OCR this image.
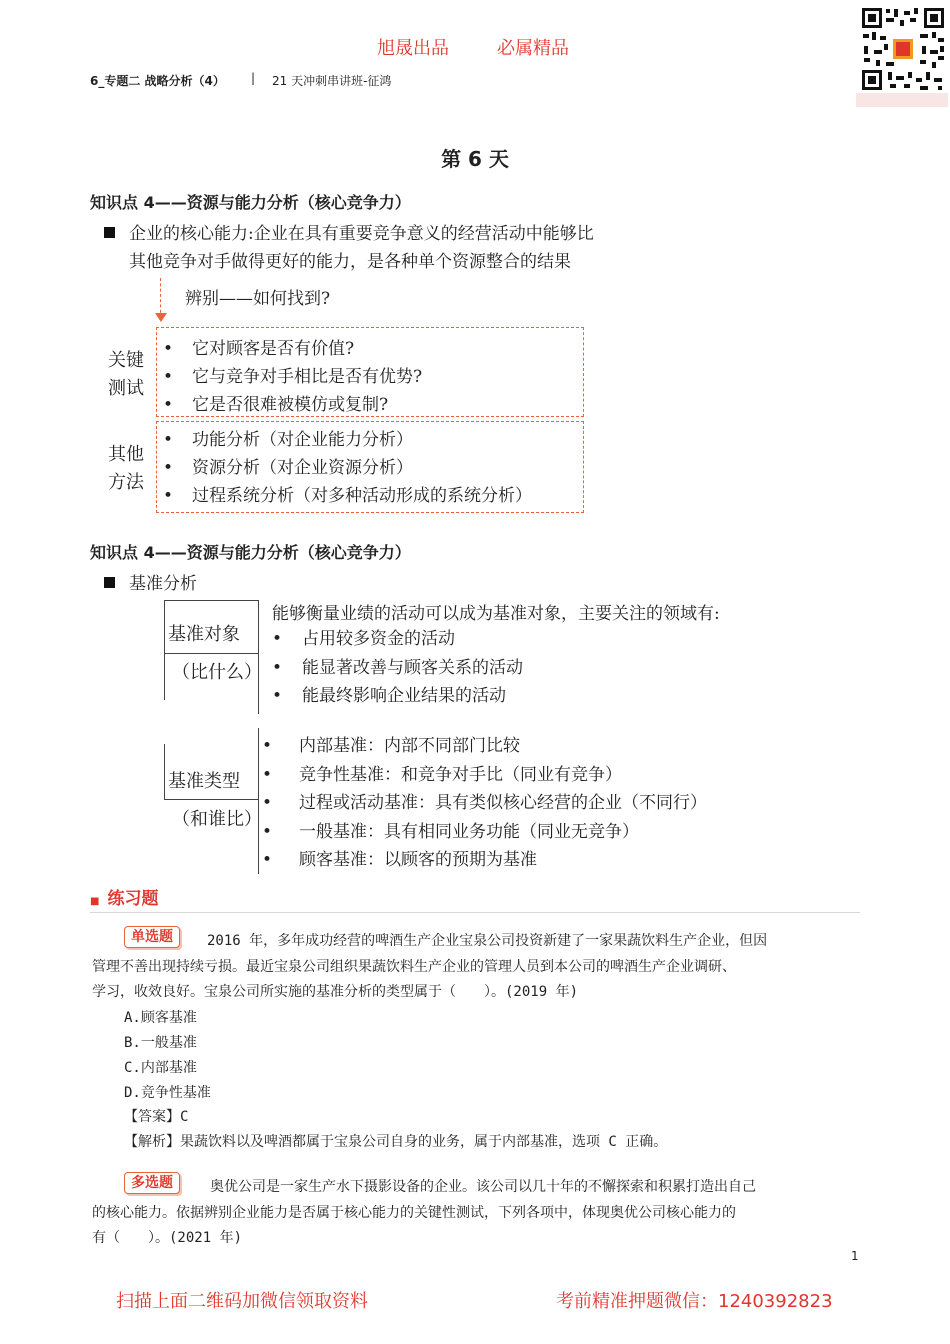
旭晟出品	必属精品
6_专题二 战略分析（4） | 21 天冲刺串讲班-征鸿
第 6 天
知识点 4——资源与能力分析（核心竞争力）
企业的核心能力:企业在具有重要竞争意义的经营活动中能够比
其他竞争对手做得更好的能力，是各种单个资源整合的结果
辨别——如何找到?
关键
测试
• 它对顾客是否有价值?
• 它与竞争对手相比是否有优势?
• 它是否很难被模仿或复制?
其他
方法
• 功能分析（对企业能力分析）
• 资源分析（对企业资源分析）
• 过程系统分析（对多种活动形成的系统分析）
知识点 4——资源与能力分析（核心竞争力）
基准分析
基准对象
（比什么）
能够衡量业绩的活动可以成为基准对象，主要关注的领域有:
• 占用较多资金的活动
• 能显著改善与顾客关系的活动
• 能最终影响企业结果的活动
基准类型
（和谁比）
• 内部基准：内部不同部门比较
• 竞争性基准：和竞争对手比（同业有竞争）
• 过程或活动基准：具有类似核心经营的企业（不同行）
• 一般基准：具有相同业务功能（同业无竞争）
• 顾客基准：以顾客的预期为基准
■ 练习题
单选题	2016 年，多年成功经营的啤酒生产企业宝泉公司投资新建了一家果蔬饮料生产企业，但因
管理不善出现持续亏损。最近宝泉公司组织果蔬饮料生产企业的管理人员到本公司的啤酒生产企业调研、
学习，收效良好。宝泉公司所实施的基准分析的类型属于（　　）。(2019 年)
A.顾客基准
B.一般基准
C.内部基准
D.竞争性基准
【答案】C
【解析】果蔬饮料以及啤酒都属于宝泉公司自身的业务，属于内部基准，选项 C 正确。
多选题	奥优公司是一家生产水下摄影设备的企业。该公司以几十年的不懈探索和积累打造出自己
的核心能力。依据辨别企业能力是否属于核心能力的关键性测试，下列各项中，体现奥优公司核心能力的
有（　　）。(2021 年)
1
扫描上面二维码加微信领取资料	考前精准押题微信：1240392823
